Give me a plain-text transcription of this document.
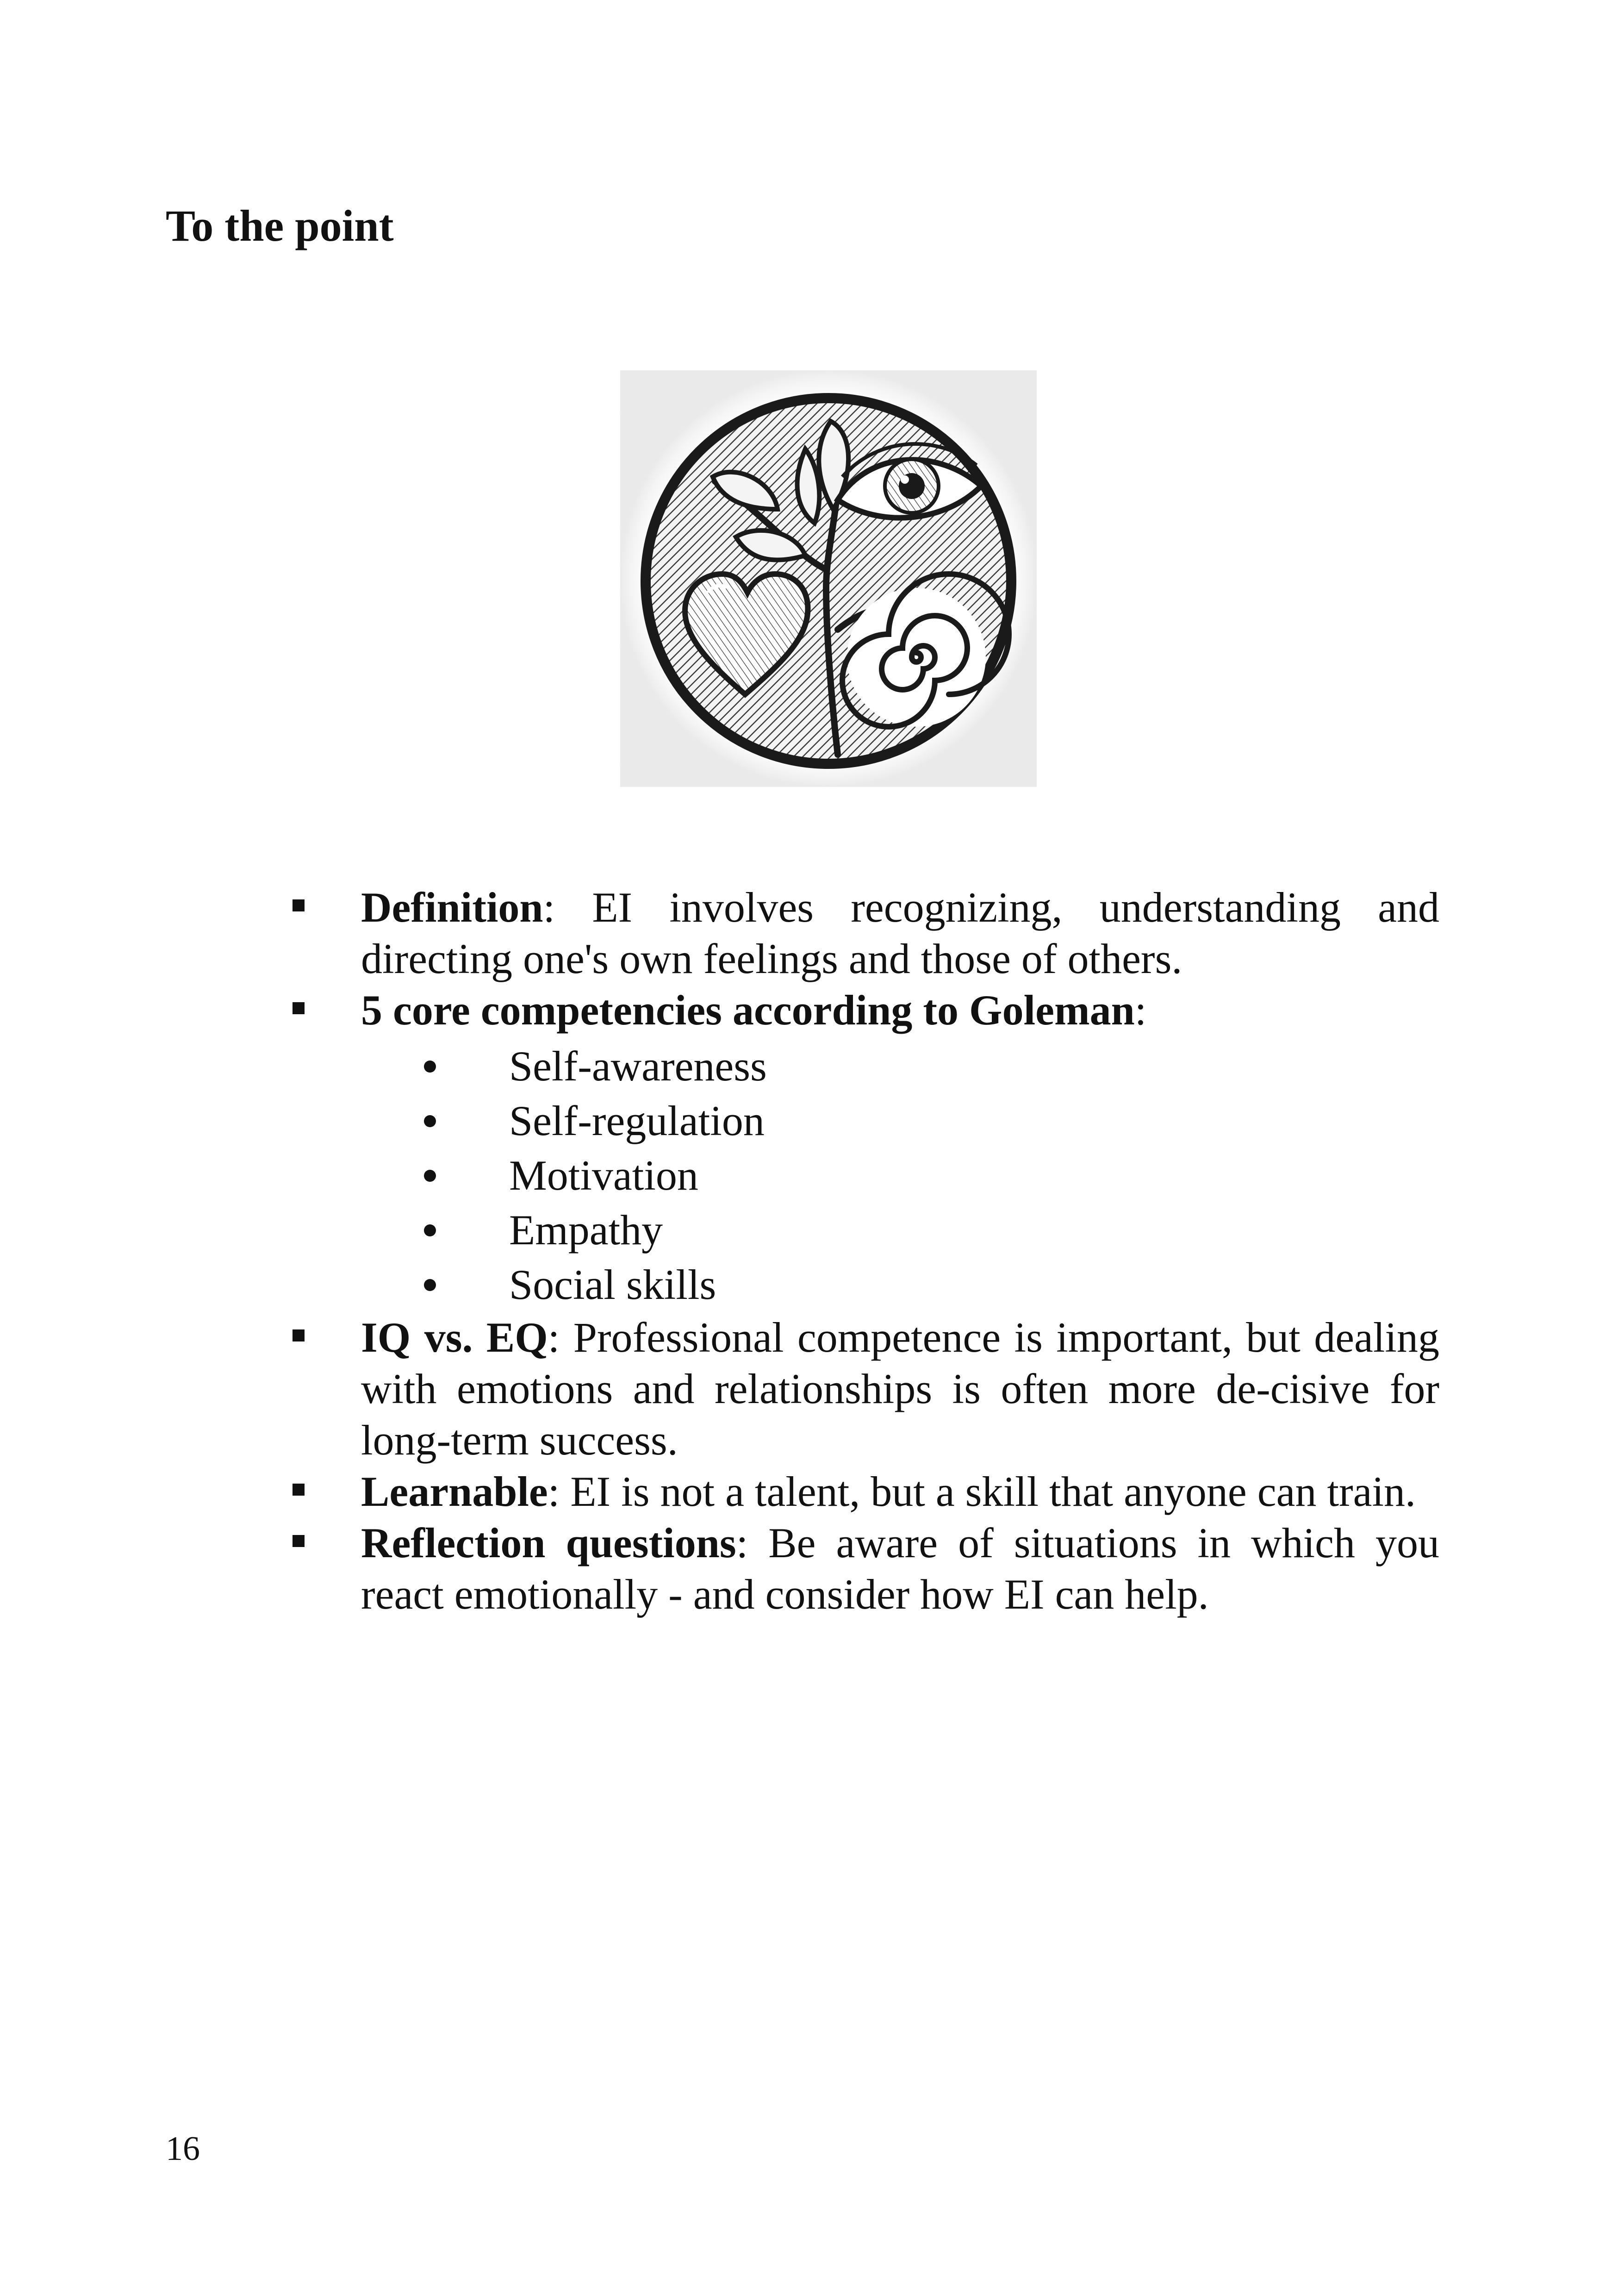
To the point
Definition: EI involves recognizing, understanding and directing one's own feelings and those of others.
5 core competencies according to Goleman:
Self-awareness
Self-regulation
Motivation
Empathy
Social skills
IQ vs. EQ: Professional competence is important, but dealing with emotions and relationships is often more de-cisive for long-term success.
Learnable: EI is not a talent, but a skill that anyone can train.
Reflection questions: Be aware of situations in which you react emotionally - and consider how EI can help.
16
